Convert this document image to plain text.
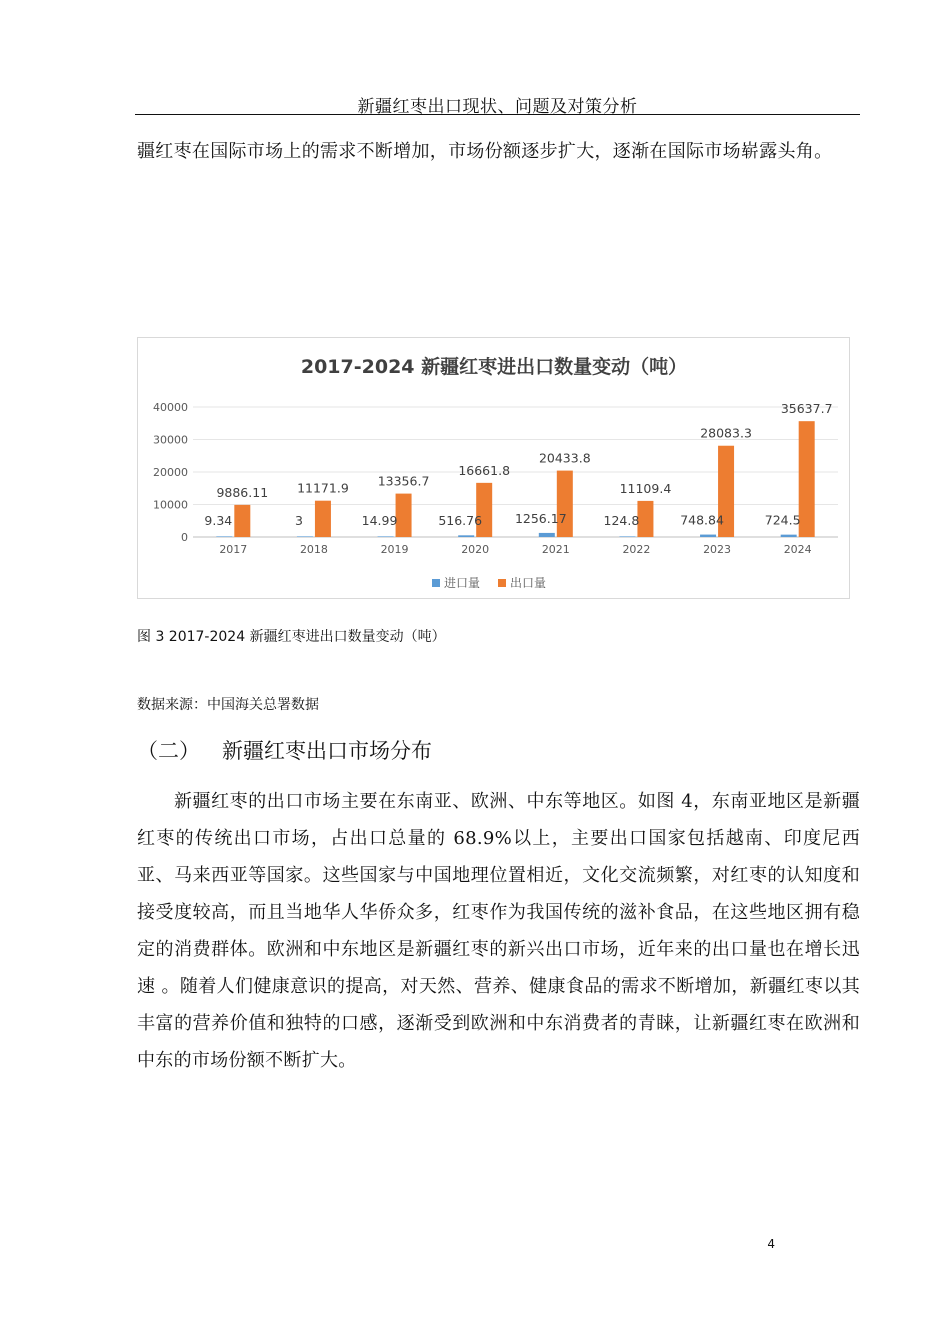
新疆红枣出口现状、问题及对策分析
疆红枣在国际市场上的需求不断增加，市场份额逐步扩大，逐渐在国际市场崭露头角。
2017-2024 新疆红枣进出口数量变动（吨）
9.34
9886.11
3
11171.9
14.99
13356.7
516.76
16661.8
1256.17
20433.8
124.8
11109.4
748.84
28083.3
724.5
35637.7
40000
30000
20000
10000
0
2017	2018	2019	2020	2021	2022	2023	2024
进口量 出口量
图 3 2017-2024 新疆红枣进出口数量变动（吨）
数据来源：中国海关总署数据
（二） 新疆红枣出口市场分布
新疆红枣的出口市场主要在东南亚、欧洲、中东等地区。如图 4，东南亚地区是新疆红枣的传统出口市场，占出口总量的 68.9%以上，主要出口国家包括越南、印度尼西亚、马来西亚等国家。这些国家与中国地理位置相近，文化交流频繁，对红枣的认知度和接受度较高，而且当地华人华侨众多，红枣作为我国传统的滋补食品，在这些地区拥有稳定的消费群体。欧洲和中东地区是新疆红枣的新兴出口市场，近年来的出口量也在增长迅速 。随着人们健康意识的提高，对天然、营养、健康食品的需求不断增加，新疆红枣以其丰富的营养价值和独特的口感，逐渐受到欧洲和中东消费者的青睐，让新疆红枣在欧洲和中东的市场份额不断扩大。
4
